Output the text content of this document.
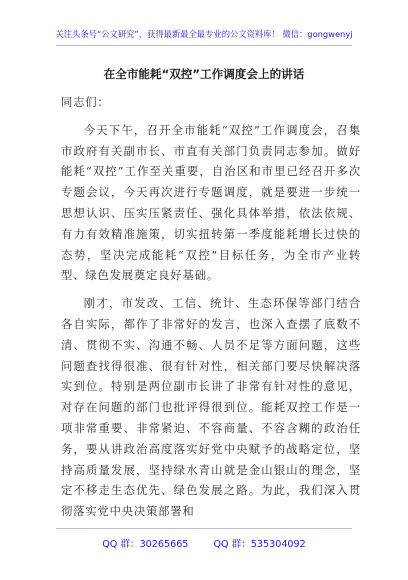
关注头条号“公文研究”，获得最新最全最专业的公文资料库！ 微信：gongwenyj
在全市能耗“双控”工作调度会上的讲话

同志们：

今天下午，召开全市能耗“双控”工作调度会，召集市政府有关副市长、市直有关部门负责同志参加。做好能耗“双控”工作至关重要，自治区和市里已经召开多次专题会议，今天再次进行专题调度，就是要进一步统一思想认识、压实压紧责任、强化具体举措，依法依规、有力有效精准施策，切实扭转第一季度能耗增长过快的态势，坚决完成能耗“双控”目标任务，为全市产业转型、绿色发展奠定良好基础。

刚才，市发改、工信、统计、生态环保等部门结合各自实际，都作了非常好的发言，也深入查摆了底数不清、贯彻不实、沟通不畅、人员不足等方面问题，这些问题查找得很准、很有针对性，相关部门要尽快解决落实到位。特别是两位副市长讲了非常有针对性的意见，对存在问题的部门也批评得很到位。能耗双控工作是一项非常重要、非常紧迫、不容商量、不容含糊的政治任务，要从讲政治高度落实好党中央赋予的战略定位，坚持高质量发展，坚持绿水青山就是金山银山的理念，坚定不移走生态优先、绿色发展之路。为此，我们深入贯彻落实党中央决策部署和

QQ 群：30265665	QQ 群：535304092
